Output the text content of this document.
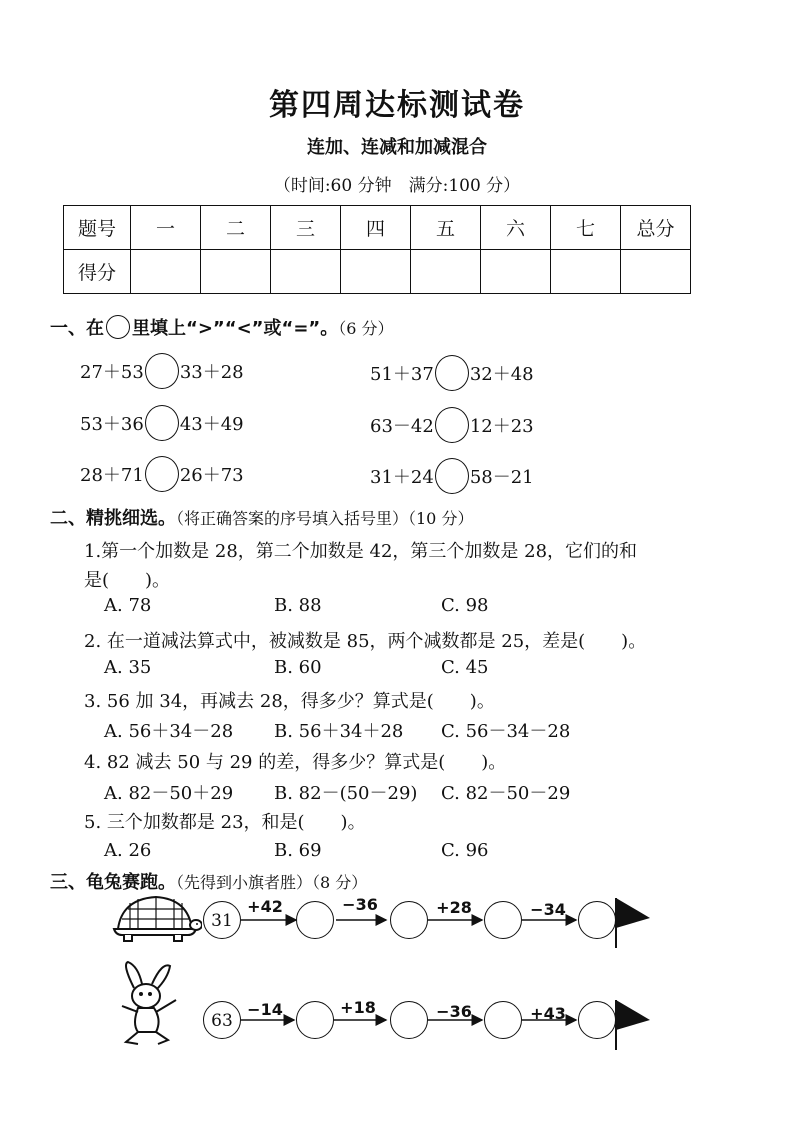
第四周达标测试卷
连加、连减和加减混合
（时间:60 分钟　满分:100 分）
题号	一	二	三	四	五	六	七	总分
得分								
一、在 里填上“>”“<”或“=”。（6 分）
27＋53 33＋28	51＋37 32＋48
53＋36 43＋49	63－42 12＋23
28＋71 26＋73	31＋24 58－21
二、精挑细选。（将正确答案的序号填入括号里）（10 分）
1.第一个加数是 28，第二个加数是 42，第三个加数是 28，它们的和
是(　　)。
A. 78	B. 88	C. 98
2. 在一道减法算式中，被减数是 85，两个减数都是 25，差是(　　)。
A. 35	B. 60	C. 45
3. 56 加 34，再减去 28，得多少？算式是(　　)。
A. 56＋34－28 B. 56＋34＋28 C. 56－34－28
4. 82 减去 50 与 29 的差，得多少？算式是(　　)。
A. 82－50＋29 B. 82－(50－29) C. 82－50－29
5. 三个加数都是 23，和是(　　)。
A. 26	B. 69	C. 96
三、龟兔赛跑。（先得到小旗者胜）（8 分）
31
+42	−36	+28	−34
63
−14	+18	−36	+43
